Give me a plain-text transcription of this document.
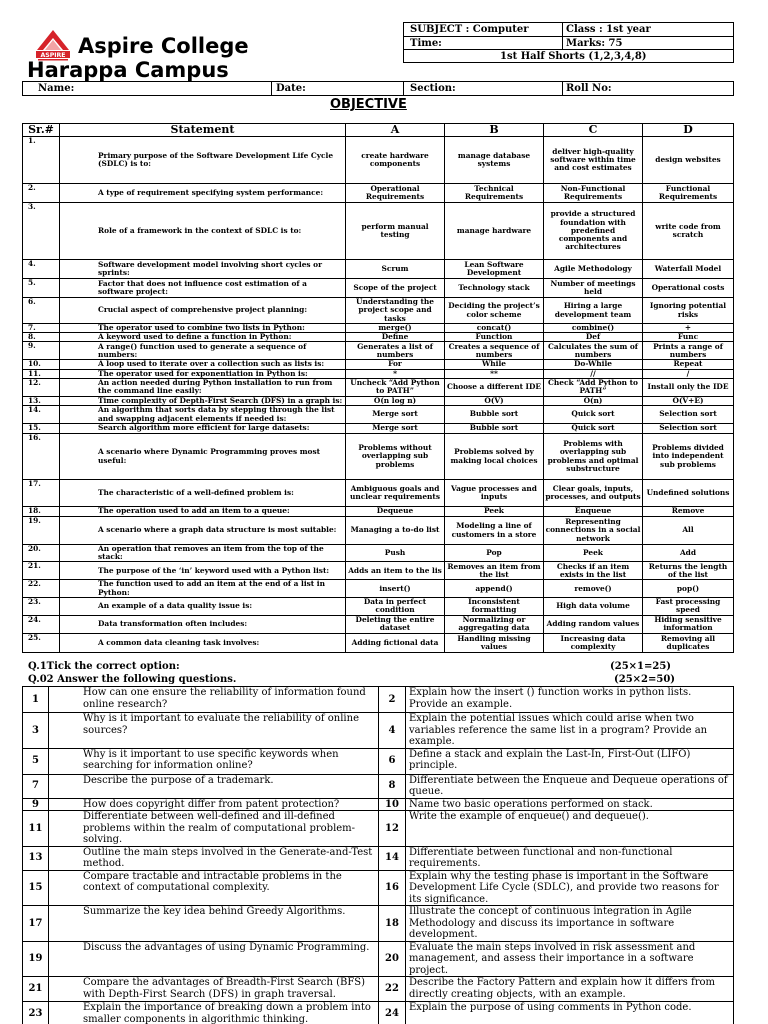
ASPIRE Aspire College
Harappa Campus
SUBJECT : Computer	Class : 1st year
Time:	Marks: 75
1st Half Shorts (1,2,3,4,8)
Name:	Date:	Section:	Roll No:
OBJECTIVE
Sr.#	Statement	A	B	C	D
1.	Primary purpose of the Software Development Life Cycle (SDLC) is to:	create hardware components	manage database systems	deliver high-quality software within time and cost estimates	design websites
2.	A type of requirement specifying system performance:	Operational Requirements	Technical Requirements	Non-Functional Requirements	Functional Requirements
3.	Role of a framework in the context of SDLC is to:	perform manual testing	manage hardware	provide a structured foundation with predefined components and architectures	write code from scratch
4.	Software development model involving short cycles or sprints:	Scrum	Lean Software Development	Agile Methodology	Waterfall Model
5.	Factor that does not influence cost estimation of a software project:	Scope of the project	Technology stack	Number of meetings held	Operational costs
6.	Crucial aspect of comprehensive project planning:	Understanding the project scope and tasks	Deciding the project’s color scheme	Hiring a large development team	Ignoring potential risks
7.	The operator used to combine two lists in Python:	merge()	concat()	combine()	+
8.	A keyword used to define a function in Python:	Define	Function	Def	Func
9.	A range() function used to generate a sequence of numbers:	Generates a list of numbers	Creates a sequence of numbers	Calculates the sum of numbers	Prints a range of numbers
10.	A loop used to iterate over a collection such as lists is:	For	While	Do-While	Repeat
11.	The operator used for exponentiation in Python is:	*	**	//	/
12.	An action needed during Python installation to run from the command line easily:	Uncheck “Add Python to PATH”	Choose a different IDE	Check “Add Python to PATH”	Install only the IDE
13.	Time complexity of Depth-First Search (DFS) in a graph is:	O(n log n)	O(V)	O(n)	O(V+E)
14.	An algorithm that sorts data by stepping through the list and swapping adjacent elements if needed is:	Merge sort	Bubble sort	Quick sort	Selection sort
15.	Search algorithm more efficient for large datasets:	Merge sort	Bubble sort	Quick sort	Selection sort
16.	A scenario where Dynamic Programming proves most useful:	Problems without overlapping sub problems	Problems solved by making local choices	Problems with overlapping sub problems and optimal substructure	Problems divided into independent sub problems
17.	The characteristic of a well-defined problem is:	Ambiguous goals and unclear requirements	Vague processes and inputs	Clear goals, inputs, processes, and outputs	Undefined solutions
18.	The operation used to add an item to a queue:	Dequeue	Peek	Enqueue	Remove
19.	A scenario where a graph data structure is most suitable:	Managing a to-do list	Modeling a line of customers in a store	Representing connections in a social network	All
20.	An operation that removes an item from the top of the stack:	Push	Pop	Peek	Add
21.	The purpose of the ‘in’ keyword used with a Python list:	Adds an item to the lis	Removes an item from the list	Checks if an item exists in the list	Returns the length of the list
22.	The function used to add an item at the end of a list in Python:	insert()	append()	remove()	pop()
23.	An example of a data quality issue is:	Data in perfect condition	Inconsistent formatting	High data volume	Fast processing speed
24.	Data transformation often includes:	Deleting the entire dataset	Normalizing or aggregating data	Adding random values	Hiding sensitive information
25.	A common data cleaning task involves:	Adding fictional data	Handling missing values	Increasing data complexity	Removing all duplicates
Q.1Tick the correct option:	(25×1=25)
Q.02 Answer the following questions.	(25×2=50)
1	How can one ensure the reliability of information found online research?	2	Explain how the insert () function works in python lists. Provide an example.
3	Why is it important to evaluate the reliability of online sources?	4	Explain the potential issues which could arise when two variables reference the same list in a program? Provide an example.
5	Why is it important to use specific keywords when searching for information online?	6	Define a stack and explain the Last-In, First-Out (LIFO) principle.
7	Describe the purpose of a trademark.	8	Differentiate between the Enqueue and Dequeue operations of queue.
9	How does copyright differ from patent protection?	10	Name two basic operations performed on stack.
11	Differentiate between well-defined and ill-defined problems within the realm of computational problem-solving.	12	Write the example of enqueue() and dequeue().
13	Outline the main steps involved in the Generate-and-Test method.	14	Differentiate between functional and non-functional requirements.
15	Compare tractable and intractable problems in the context of computational complexity.	16	Explain why the testing phase is important in the Software Development Life Cycle (SDLC), and provide two reasons for its significance.
17	Summarize the key idea behind Greedy Algorithms.	18	Illustrate the concept of continuous integration in Agile Methodology and discuss its importance in software development.
19	Discuss the advantages of using Dynamic Programming.	20	Evaluate the main steps involved in risk assessment and management, and assess their importance in a software project.
21	Compare the advantages of Breadth-First Search (BFS) with Depth-First Search (DFS) in graph traversal.	22	Describe the Factory Pattern and explain how it differs from directly creating objects, with an example.
23	Explain the importance of breaking down a problem into smaller components in algorithmic thinking.	24	Explain the purpose of using comments in Python code.
